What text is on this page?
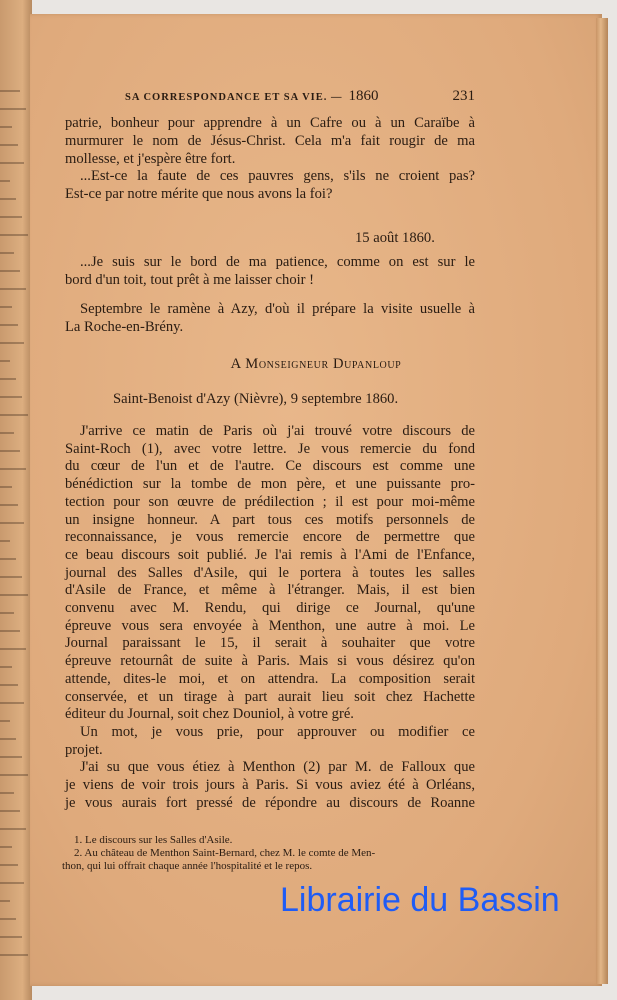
SA CORRESPONDANCE ET SA VIE. — 1860	231
patrie, bonheur pour apprendre à un Cafre ou à un Caraïbe à
murmurer le nom de Jésus-Christ. Cela m'a fait rougir de ma
mollesse, et j'espère être fort.
...Est-ce la faute de ces pauvres gens, s'ils ne croient pas?
Est-ce par notre mérite que nous avons la foi?
...Je suis sur le bord de ma patience, comme on est sur le
bord d'un toit, tout prêt à me laisser choir !
Septembre le ramène à Azy, d'où il prépare la visite usuelle à
La Roche-en-Brény.
J'arrive ce matin de Paris où j'ai trouvé votre discours de
Saint-Roch (1), avec votre lettre. Je vous remercie du fond
du cœur de l'un et de l'autre. Ce discours est comme une
bénédiction sur la tombe de mon père, et une puissante pro-
tection pour son œuvre de prédilection ; il est pour moi-même
un insigne honneur. A part tous ces motifs personnels de
reconnaissance, je vous remercie encore de permettre que
ce beau discours soit publié. Je l'ai remis à l'Ami de l'Enfance,
journal des Salles d'Asile, qui le portera à toutes les salles
d'Asile de France, et même à l'étranger. Mais, il est bien
convenu avec M. Rendu, qui dirige ce Journal, qu'une
épreuve vous sera envoyée à Menthon, une autre à moi. Le
Journal paraissant le 15, il serait à souhaiter que votre
épreuve retournât de suite à Paris. Mais si vous désirez qu'on
attende, dites-le moi, et on attendra. La composition serait
conservée, et un tirage à part aurait lieu soit chez Hachette
éditeur du Journal, soit chez Douniol, à votre gré.
Un mot, je vous prie, pour approuver ou modifier ce
projet.
J'ai su que vous étiez à Menthon (2) par M. de Falloux que
je viens de voir trois jours à Paris. Si vous aviez été à Orléans,
je vous aurais fort pressé de répondre au discours de Roanne
15 août 1860.
A Monseigneur Dupanloup
Saint-Benoist d'Azy (Nièvre), 9 septembre 1860.
1. Le discours sur les Salles d'Asile.
2. Au château de Menthon Saint-Bernard, chez M. le comte de Men-
thon, qui lui offrait chaque année l'hospitalité et le repos.
Librairie du Bassin
